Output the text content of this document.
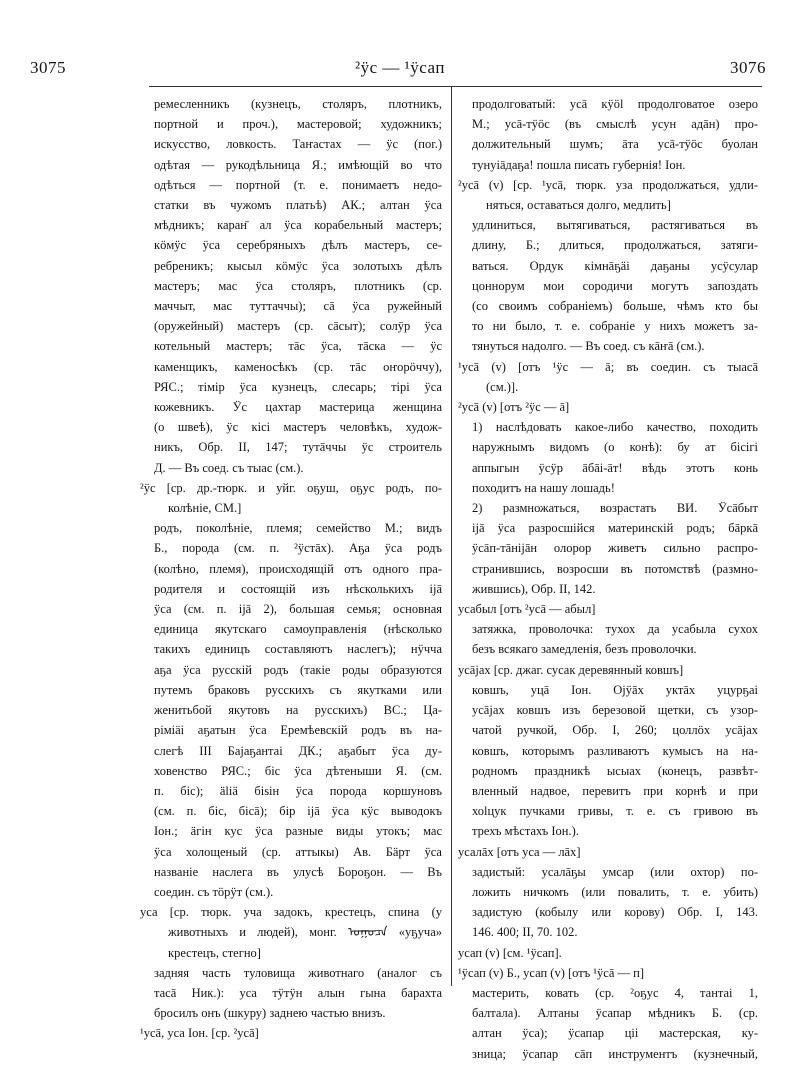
3075	²ӱс — ¹ӱсап	3076
ремесленникъ (кузнецъ, столяръ, плотникъ,
портной и проч.), мастеровой; художникъ;
искусство, ловкость. Таҥастах — ӱс (поr.)
одѣтая — рукодѣльница Я.; имѣющій во что
одѣться — портной (т. е. понимаетъ недо-
статки въ чужомъ платьѣ) АК.; алтан ӱса
мѣдникъ; каран̄ ал ӱса корабельный мастеръ;
кӧмӱс ӱса серебряныхъ дѣлъ мастеръ, се-
ребреникъ; кысыл кӧмӱс ӱса золотыхъ дѣлъ
мастеръ; мас ӱса столяръ, плотникъ (ср.
маччыт, мас туттаччы); сā ӱса ружейный
(оружейный) мастеръ (ср. сāсыт); солӯр ӱса
котельный мастеръ; тāс ӱса, тāска — ӱс
каменщикъ, каменосѣкъ (ср. тāс оҥорӧччу),
РЯС.; тімір ӱса кузнецъ, слесарь; тірі ӱса
кожевникъ. Ӱс цахтар мастерица женщина
(о швеѣ), ӱс кісі мастеръ человѣкъ, худож-
никъ, Обр. II, 147; тутāччы ӱс строитель
Д. — Въ соед. съ тыас (см.).
²ӱс [ср. др.-тюрк. и уйг. оҕуш, оҕус родъ, по-
колѣніе, СМ.]
родъ, поколѣніе, племя; семейство М.; видъ
Б., порода (см. п. ²ӱстāх). Аҕа ӱса родъ
(колѣно, племя), происходящій отъ одного пра-
родителя и состоящій изъ нѣсколькихъ іјā
ӱса (см. п. іјā 2), большая семья; основная
единица якутскаго самоуправленія (нѣсколько
такихъ единицъ составляютъ наслегъ); нӱчча
аҕа ӱса русскій родъ (такіе роды образуются
путемъ браковъ русскихъ съ якутками или
женитьбой якутовъ на русскихъ) ВС.; Ца-
ріміäі аҕатын ӱса Еремѣевскій родъ въ на-
слегѣ III Баjаҕантаі ДК.; аҕабыт ӱса ду-
ховенство РЯС.; біс ӱса дѣтеныши Я. (см.
п. біс); äliä біѕін ӱса порода коршуновъ
(см. п. біс, бісā); бір іјā ӱса кӱс выводокъ
Іон.; äгін кус ӱса разные виды утокъ; мас
ӱса холощеный (ср. аттыкы) Ав. Бäрт ӱса
названіе наслега въ улусѣ Бороҕон. — Въ
соедин. съ тӧрӱт (см.).
уса [ср. тюрк. уча задокъ, крестецъ, спина (у
животныхъ и людей), монг. ᠤᠭᠤᠴᠠ «уҕуча»
крестецъ, стегно]
задняя часть туловища животнаго (аналог съ
тасā Ник.): уса тӱтӱн алын гына барахта
бросилъ онъ (шкуру) заднею частью внизъ.
¹усā, уса Іон. [ср. ²усā]
продолговатый: усā кӱӧl продолговатое озеро
М.; усā-тӱӧс (въ смыслѣ усун адāн) про-
должительный шумъ; āта усā-тӱӧс буолан
тунуіāдаҕа! пошла писать губернія! Іон.
²усā (v) [ср. ¹усā, тюрк. уза продолжаться, удли-
няться, оставаться долго, медлить]
удлиниться, вытягиваться, растягиваться въ
длину, Б.; длиться, продолжаться, затяги-
ваться. Ордук кімнāҕäі даҕаны усӱсулар
цоннорум мои сородичи могутъ запоздать
(со своимъ собраніемъ) больше, чѣмъ кто бы
то ни было, т. е. собраніе у нихъ можетъ за-
тянуться надолго. — Въ соед. съ кāҥā (см.).
¹усā (v) [отъ ¹ӱс — ā; въ соедин. съ тыасā
(см.)].
²усā (v) [отъ ²ӱс — ā]
1) наслѣдовать какое-либо качество, походить
наружнымъ видомъ (о конѣ): бу ат бісігі
аппыгын ӱсӱр āбāі-āт! вѣдь этотъ конь
походитъ на нашу лошадь!
2) размножаться, возрастать ВИ. Ӱсāбыт
іјā ӱса разросшійся материнскій родъ; бāркā
ӱсāп-тāнiјāн олорор живетъ сильно распро-
странившись, возросши въ потомствѣ (размно-
жившись), Обр. II, 142.
усабыл [отъ ²усā — абыл]
затяжка, проволочка: тухох да усабыла сухох
безъ всякаго замедленія, безъ проволочки.
усājах [ср. джаг. сусак деревянный ковшъ]
ковшъ, уцā Іон. Оjӱāх уктāх уцурҕаі
усājах ковшъ изъ березовой щетки, съ узор-
чатой ручкой, Обр. I, 260; цоллӧх усājах
ковшъ, которымъ разливаютъ кумысъ на на-
родномъ праздникѣ ысыах (конецъ, развѣт-
вленный надвое, перевитъ при корнѣ и при
хоlцук пучками гривы, т. е. съ гривою въ
трехъ мѣстахъ Іон.).
усалāх [отъ уса — лāх]
задистый: усалāҕы умсар (или охтор) по-
ложить ничкомъ (или повалить, т. е. убить)
задистую (кобылу или корову) Обр. I, 143.
146. 400; II, 70. 102.
усап (v) [см. ¹ӱсап].
¹ӱсап (v) Б., усап (v) [отъ ¹ӱсā — п]
мастерить, ковать (ср. ²оҕус 4, тантаі 1,
балтала). Алтаны ӱсапар мѣдникъ Б. (ср.
алтан ӱса); ӱсапар ціі мастерская, ку-
зница; ӱсапар сāп инструментъ (кузнечный,
